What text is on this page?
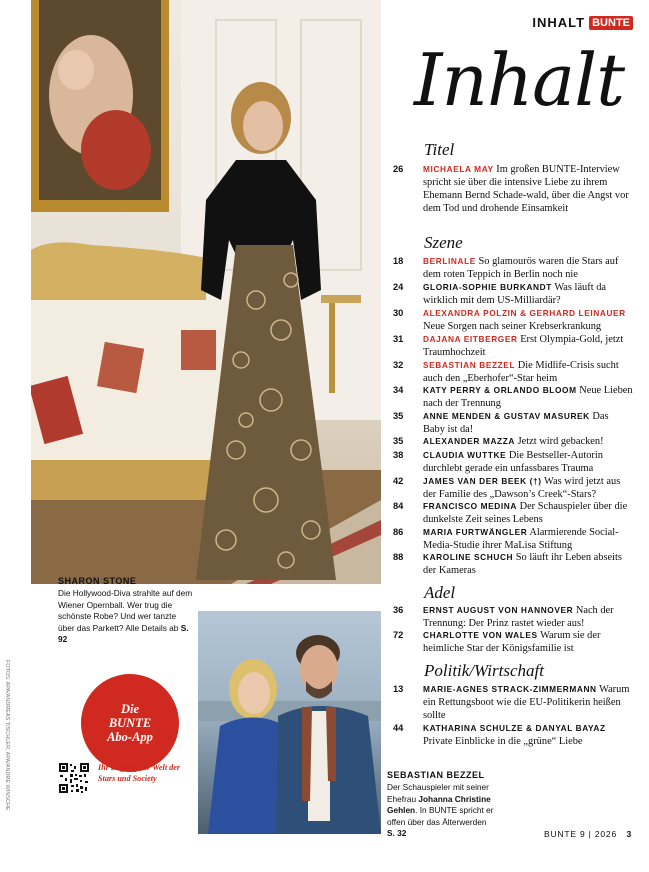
INHALT BUNTE
Inhalt
SHARON STONE
Die Hollywood-Diva strahlte auf dem Wiener Opernball. Wer trug die schönste Robe? Und wer tanzte über das Parkett? Alle Details ab S. 92
FOTOS: APA/ANDREAS TISCHLER, APA/ANDRE WINSCHE	Die
BUNTE
Abo-App
Ihr Zugang zur Welt der Stars und Society	SEBASTIAN BEZZEL
Der Schauspieler mit seiner Ehefrau Johanna Christine Gehlen. In BUNTE spricht er offen über das Älterwerden
S. 32
Titel
26	MICHAELA MAY Im großen BUNTE-Interview spricht sie über die intensive Liebe zu ihrem Ehemann Bernd Schade-wald, über die Angst vor dem Tod und drohende Einsamkeit
Szene
18	BERLINALE So glamourös waren die Stars auf dem roten Teppich in Berlin noch nie
24	GLORIA-SOPHIE BURKANDT Was läuft da wirklich mit dem US-Milliardär?
30	ALEXANDRA POLZIN & GERHARD LEINAUER Neue Sorgen nach seiner Krebserkrankung
31	DAJANA EITBERGER Erst Olympia-Gold, jetzt Traumhochzeit
32	SEBASTIAN BEZZEL Die Midlife-Crisis sucht auch den „Eberhofer“-Star heim
34	KATY PERRY & ORLANDO BLOOM Neue Lieben nach der Trennung
35	ANNE MENDEN & GUSTAV MASUREK Das Baby ist da!
35	ALEXANDER MAZZA Jetzt wird gebacken!
38	CLAUDIA WUTTKE Die Bestseller-Autorin durchlebt gerade ein unfassbares Trauma
42	JAMES VAN DER BEEK (†) Was wird jetzt aus der Familie des „Dawson’s Creek“-Stars?
84	FRANCISCO MEDINA Der Schauspieler über die dunkelste Zeit seines Lebens
86	MARIA FURTWÄNGLER Alarmierende Social-Media-Studie ihrer MaLisa Stiftung
88	KAROLINE SCHUCH So läuft ihr Leben abseits der Kameras
Adel
36	ERNST AUGUST VON HANNOVER Nach der Trennung: Der Prinz rastet wieder aus!
72	CHARLOTTE VON WALES Warum sie der heimliche Star der Königsfamilie ist
Politik/Wirtschaft
13	MARIE-AGNES STRACK-ZIMMERMANN Warum ein Rettungsboot wie die EU-Politikerin heißen sollte
44	KATHARINA SCHULZE & DANYAL BAYAZ Private Einblicke in die „grüne“ Liebe
BUNTE 9 | 2026 3
